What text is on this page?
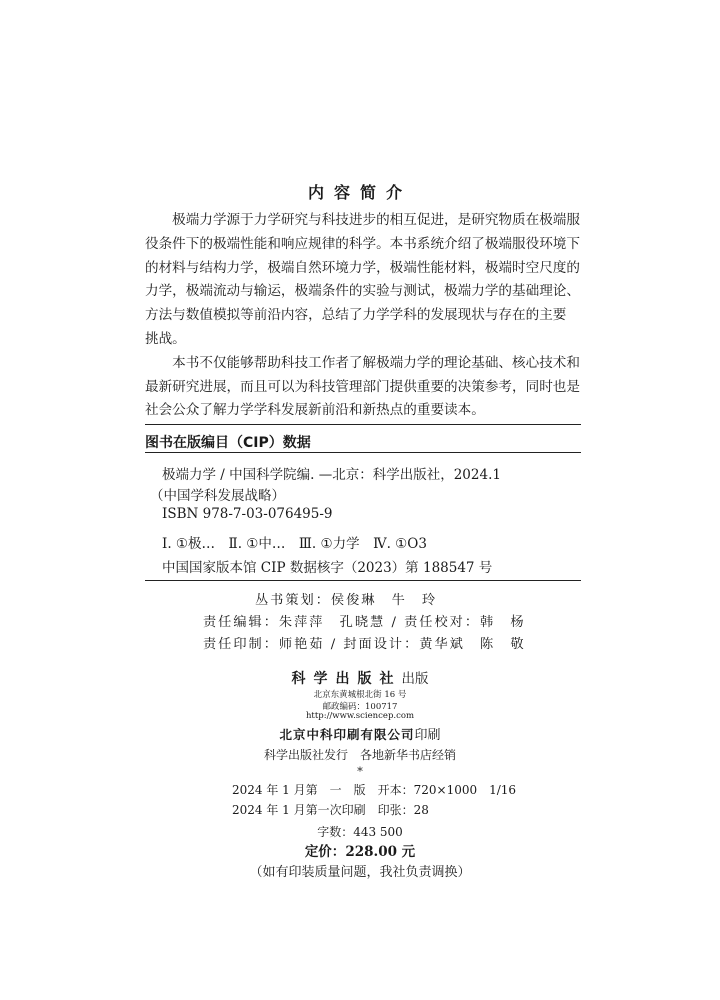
内容简介
　　极端力学源于力学研究与科技进步的相互促进，是研究物质在极端服
役条件下的极端性能和响应规律的科学。本书系统介绍了极端服役环境下
的材料与结构力学，极端自然环境力学，极端性能材料，极端时空尺度的
力学，极端流动与输运，极端条件的实验与测试，极端力学的基础理论、
方法与数值模拟等前沿内容，总结了力学学科的发展现状与存在的主要
挑战。
　　本书不仅能够帮助科技工作者了解极端力学的理论基础、核心技术和
最新研究进展，而且可以为科技管理部门提供重要的决策参考，同时也是
社会公众了解力学学科发展新前沿和新热点的重要读本。
图书在版编目（CIP）数据
极端力学 / 中国科学院编. —北京：科学出版社，2024.1
（中国学科发展战略）
ISBN 978-7-03-076495-9
Ⅰ. ①极…　Ⅱ. ①中…　Ⅲ. ①力学　Ⅳ. ①O3
中国国家版本馆 CIP 数据核字（2023）第 188547 号
丛书策划：侯俊琳　牛　玲
责任编辑：朱萍萍　孔晓慧 / 责任校对：韩　杨
责任印制：师艳茹 / 封面设计：黄华斌　陈　敬
科学出版社出版
北京东黄城根北街 16 号
邮政编码：100717
http://www.sciencep.com
北京中科印刷有限公司印刷
科学出版社发行　各地新华书店经销
*
2024 年 1 月第　一　版　开本：720×1000　1/16
2024 年 1 月第一次印刷　印张：28
字数：443 500
定价：228.00 元
（如有印装质量问题，我社负责调换）
